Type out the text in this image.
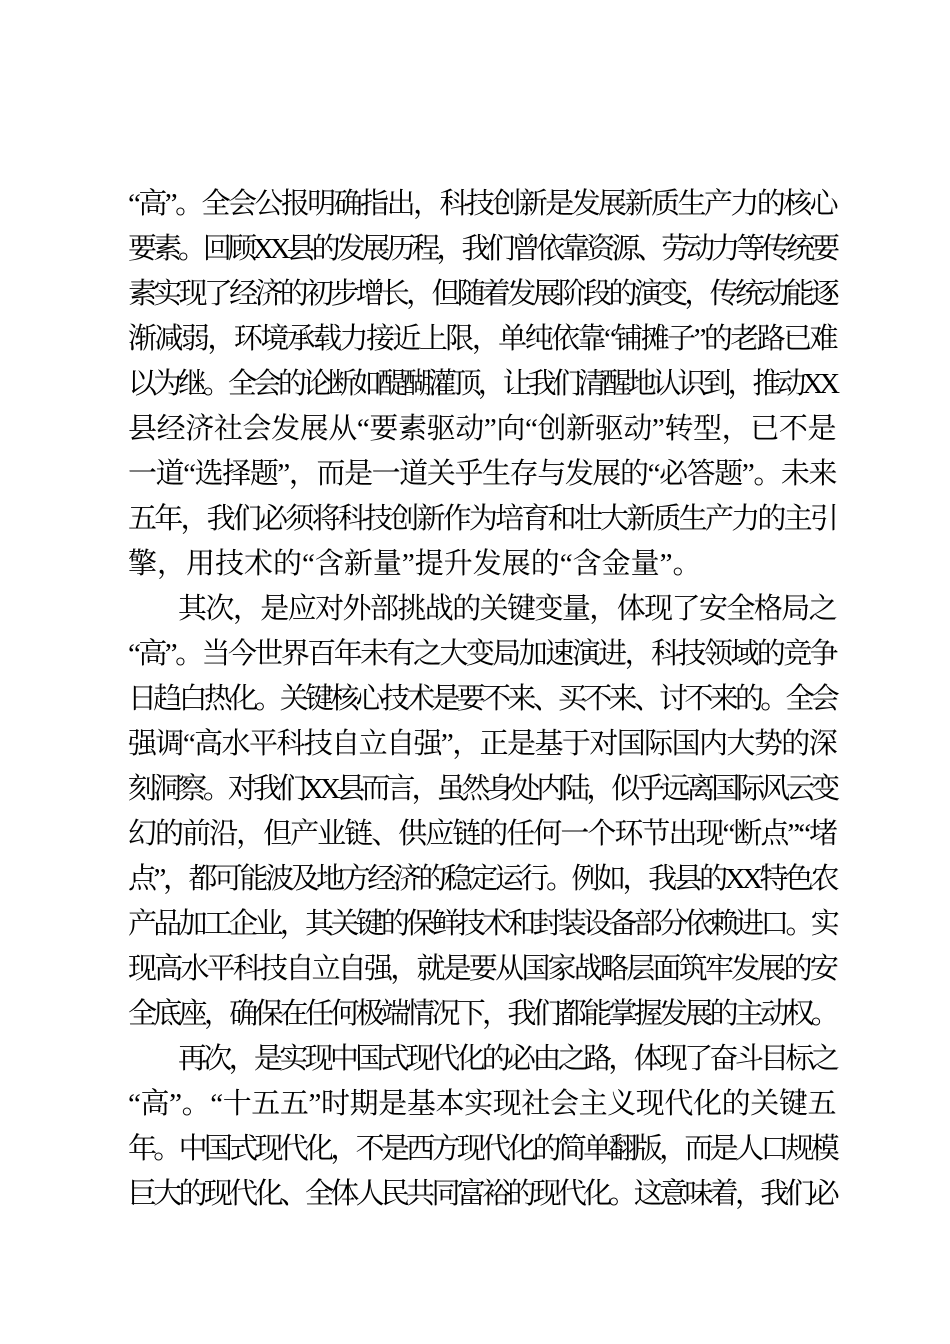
“高”。全会公报明确指出，科技创新是发展新质生产力的核心
要素。回顾XX县的发展历程，我们曾依靠资源、劳动力等传统要
素实现了经济的初步增长，但随着发展阶段的演变，传统动能逐
渐减弱，环境承载力接近上限，单纯依靠“铺摊子”的老路已难
以为继。全会的论断如醍醐灌顶，让我们清醒地认识到，推动XX
县经济社会发展从“要素驱动”向“创新驱动”转型，已不是
一道“选择题”，而是一道关乎生存与发展的“必答题”。未来
五年，我们必须将科技创新作为培育和壮大新质生产力的主引
擎，用技术的“含新量”提升发展的“含金量”。
其次，是应对外部挑战的关键变量，体现了安全格局之
“高”。当今世界百年未有之大变局加速演进，科技领域的竞争
日趋白热化。关键核心技术是要不来、买不来、讨不来的。全会
强调“高水平科技自立自强”，正是基于对国际国内大势的深
刻洞察。对我们XX县而言，虽然身处内陆，似乎远离国际风云变
幻的前沿，但产业链、供应链的任何一个环节出现“断点”“堵
点”，都可能波及地方经济的稳定运行。例如，我县的XX特色农
产品加工企业，其关键的保鲜技术和封装设备部分依赖进口。实
现高水平科技自立自强，就是要从国家战略层面筑牢发展的安
全底座，确保在任何极端情况下，我们都能掌握发展的主动权。
再次，是实现中国式现代化的必由之路，体现了奋斗目标之
“高”。“十五五”时期是基本实现社会主义现代化的关键五
年。中国式现代化，不是西方现代化的简单翻版，而是人口规模
巨大的现代化、全体人民共同富裕的现代化。这意味着，我们必
